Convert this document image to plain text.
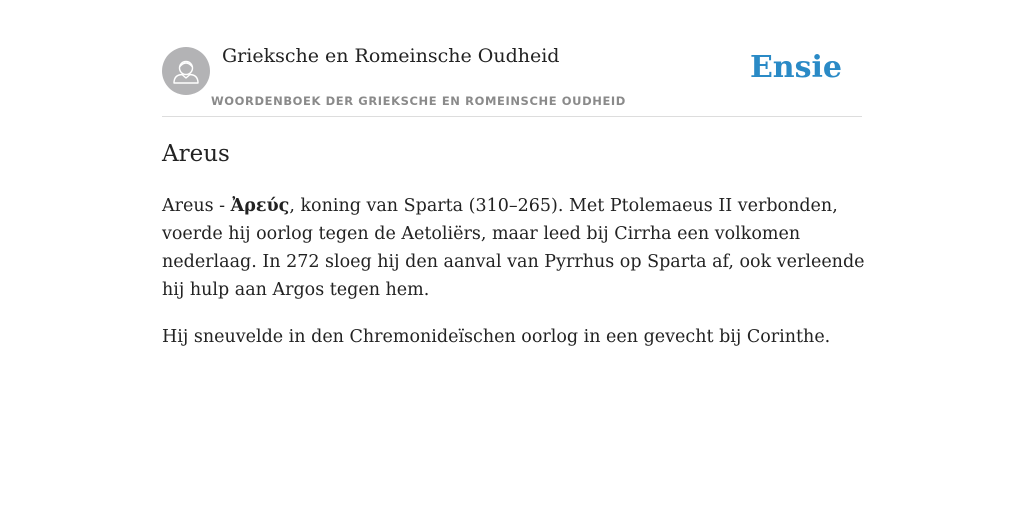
Grieksche en Romeinsche Oudheid
WOORDENBOEK DER GRIEKSCHE EN ROMEINSCHE OUDHEID
Ensie
Areus

Areus - Ἀρεύς, koning van Sparta (310–265). Met Ptolemaeus II verbonden, voerde hij oorlog tegen de Aetoliërs, maar leed bij Cirrha een volkomen nederlaag. In 272 sloeg hij den aanval van Pyrrhus op Sparta af, ook verleende hij hulp aan Argos tegen hem.

Hij sneuvelde in den Chremonideïschen oorlog in een gevecht bij Corinthe.
